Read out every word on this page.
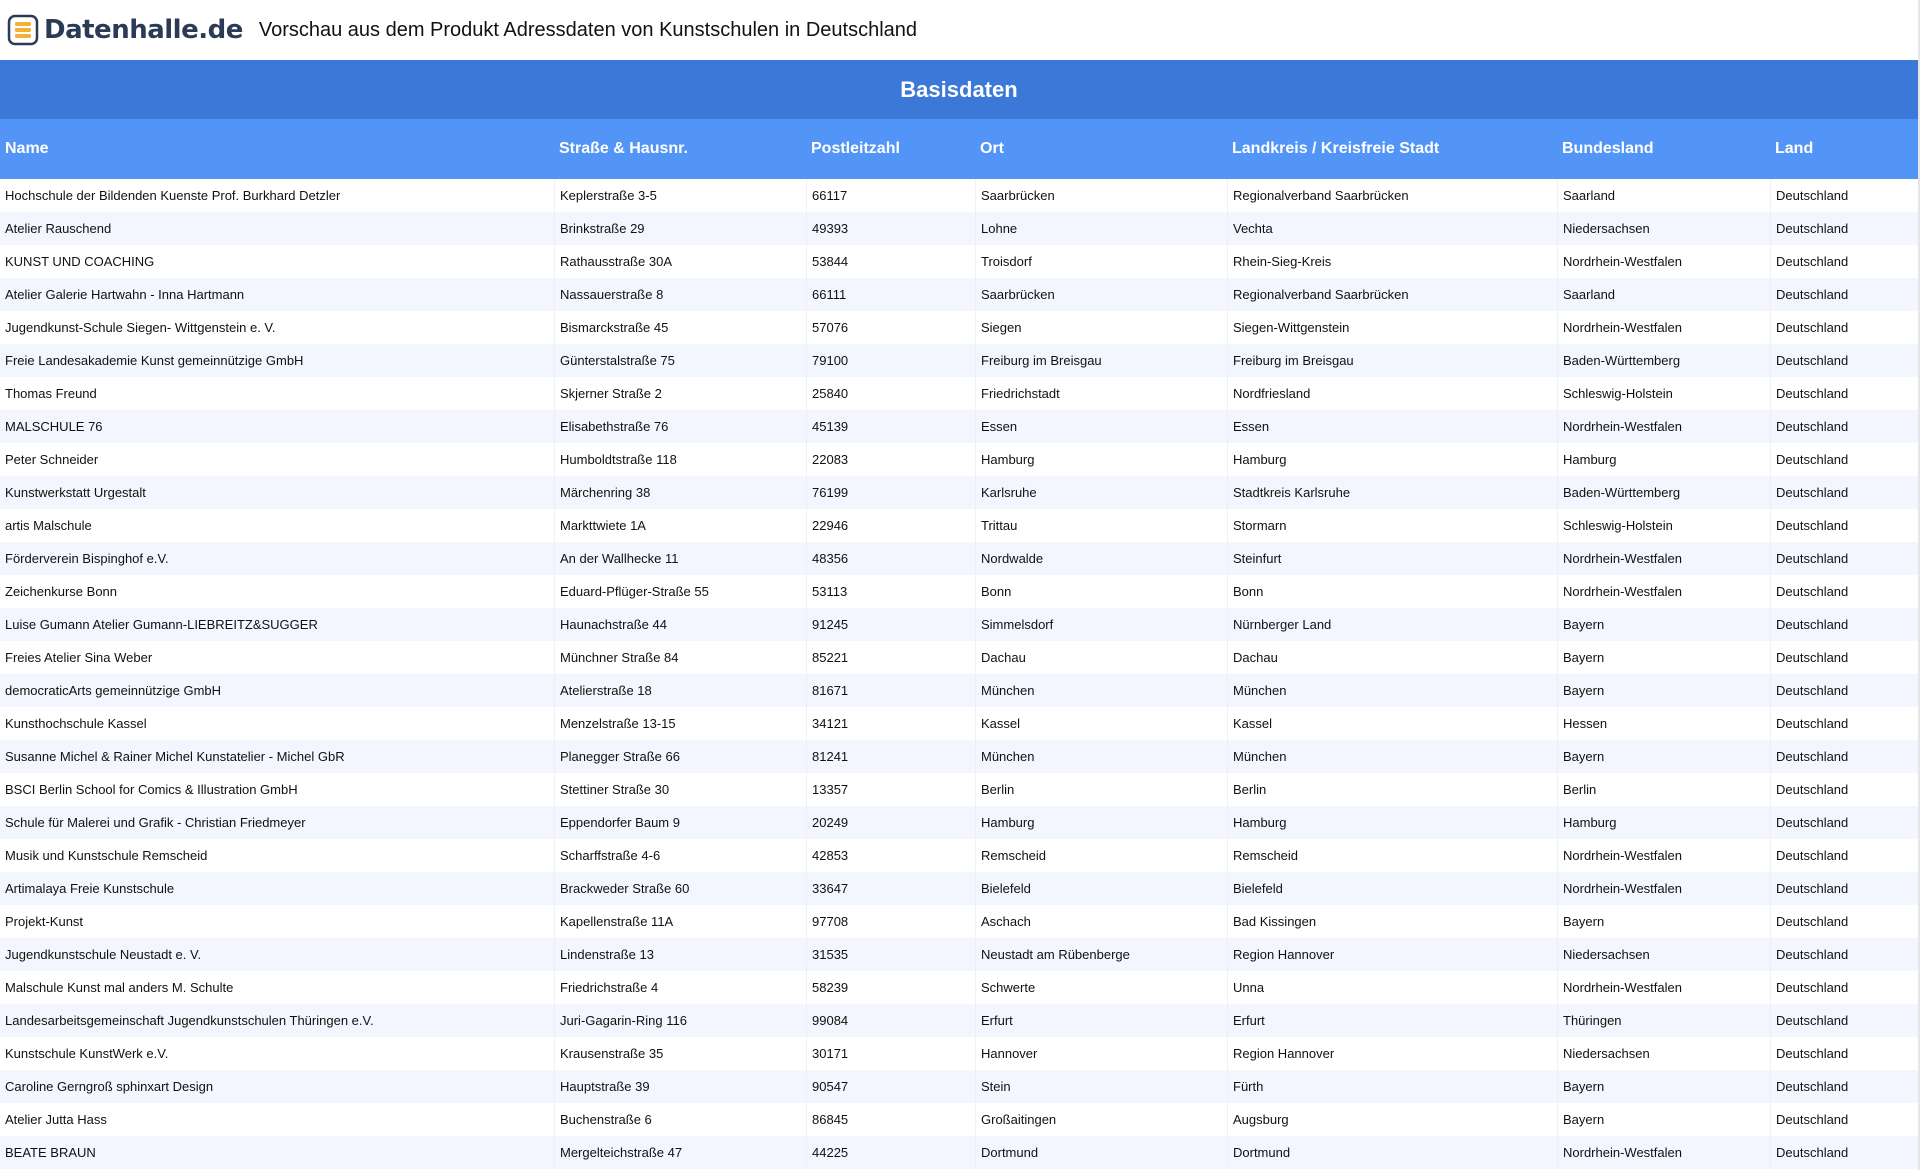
Datenhalle.de Vorschau aus dem Produkt Adressdaten von Kunstschulen in Deutschland
Basisdaten
Name	Straße & Hausnr.	Postleitzahl	Ort	Landkreis / Kreisfreie Stadt	Bundesland	Land
Hochschule der Bildenden Kuenste Prof. Burkhard Detzler	Keplerstraße 3-5	66117	Saarbrücken	Regionalverband Saarbrücken	Saarland	Deutschland
Atelier Rauschend	Brinkstraße 29	49393	Lohne	Vechta	Niedersachsen	Deutschland
KUNST UND COACHING	Rathausstraße 30A	53844	Troisdorf	Rhein-Sieg-Kreis	Nordrhein-Westfalen	Deutschland
Atelier Galerie Hartwahn - Inna Hartmann	Nassauerstraße 8	66111	Saarbrücken	Regionalverband Saarbrücken	Saarland	Deutschland
Jugendkunst-Schule Siegen- Wittgenstein e. V.	Bismarckstraße 45	57076	Siegen	Siegen-Wittgenstein	Nordrhein-Westfalen	Deutschland
Freie Landesakademie Kunst gemeinnützige GmbH	Günterstalstraße 75	79100	Freiburg im Breisgau	Freiburg im Breisgau	Baden-Württemberg	Deutschland
Thomas Freund	Skjerner Straße 2	25840	Friedrichstadt	Nordfriesland	Schleswig-Holstein	Deutschland
MALSCHULE 76	Elisabethstraße 76	45139	Essen	Essen	Nordrhein-Westfalen	Deutschland
Peter Schneider	Humboldtstraße 118	22083	Hamburg	Hamburg	Hamburg	Deutschland
Kunstwerkstatt Urgestalt	Märchenring 38	76199	Karlsruhe	Stadtkreis Karlsruhe	Baden-Württemberg	Deutschland
artis Malschule	Markttwiete 1A	22946	Trittau	Stormarn	Schleswig-Holstein	Deutschland
Förderverein Bispinghof e.V.	An der Wallhecke 11	48356	Nordwalde	Steinfurt	Nordrhein-Westfalen	Deutschland
Zeichenkurse Bonn	Eduard-Pflüger-Straße 55	53113	Bonn	Bonn	Nordrhein-Westfalen	Deutschland
Luise Gumann Atelier Gumann-LIEBREITZ&SUGGER	Haunachstraße 44	91245	Simmelsdorf	Nürnberger Land	Bayern	Deutschland
Freies Atelier Sina Weber	Münchner Straße 84	85221	Dachau	Dachau	Bayern	Deutschland
democraticArts gemeinnützige GmbH	Atelierstraße 18	81671	München	München	Bayern	Deutschland
Kunsthochschule Kassel	Menzelstraße 13-15	34121	Kassel	Kassel	Hessen	Deutschland
Susanne Michel & Rainer Michel Kunstatelier - Michel GbR	Planegger Straße 66	81241	München	München	Bayern	Deutschland
BSCI Berlin School for Comics & Illustration GmbH	Stettiner Straße 30	13357	Berlin	Berlin	Berlin	Deutschland
Schule für Malerei und Grafik - Christian Friedmeyer	Eppendorfer Baum 9	20249	Hamburg	Hamburg	Hamburg	Deutschland
Musik und Kunstschule Remscheid	Scharffstraße 4-6	42853	Remscheid	Remscheid	Nordrhein-Westfalen	Deutschland
Artimalaya Freie Kunstschule	Brackweder Straße 60	33647	Bielefeld	Bielefeld	Nordrhein-Westfalen	Deutschland
Projekt-Kunst	Kapellenstraße 11A	97708	Aschach	Bad Kissingen	Bayern	Deutschland
Jugendkunstschule Neustadt e. V.	Lindenstraße 13	31535	Neustadt am Rübenberge	Region Hannover	Niedersachsen	Deutschland
Malschule Kunst mal anders M. Schulte	Friedrichstraße 4	58239	Schwerte	Unna	Nordrhein-Westfalen	Deutschland
Landesarbeitsgemeinschaft Jugendkunstschulen Thüringen e.V.	Juri-Gagarin-Ring 116	99084	Erfurt	Erfurt	Thüringen	Deutschland
Kunstschule KunstWerk e.V.	Krausenstraße 35	30171	Hannover	Region Hannover	Niedersachsen	Deutschland
Caroline Gerngroß sphinxart Design	Hauptstraße 39	90547	Stein	Fürth	Bayern	Deutschland
Atelier Jutta Hass	Buchenstraße 6	86845	Großaitingen	Augsburg	Bayern	Deutschland
BEATE BRAUN	Mergelteichstraße 47	44225	Dortmund	Dortmund	Nordrhein-Westfalen	Deutschland
